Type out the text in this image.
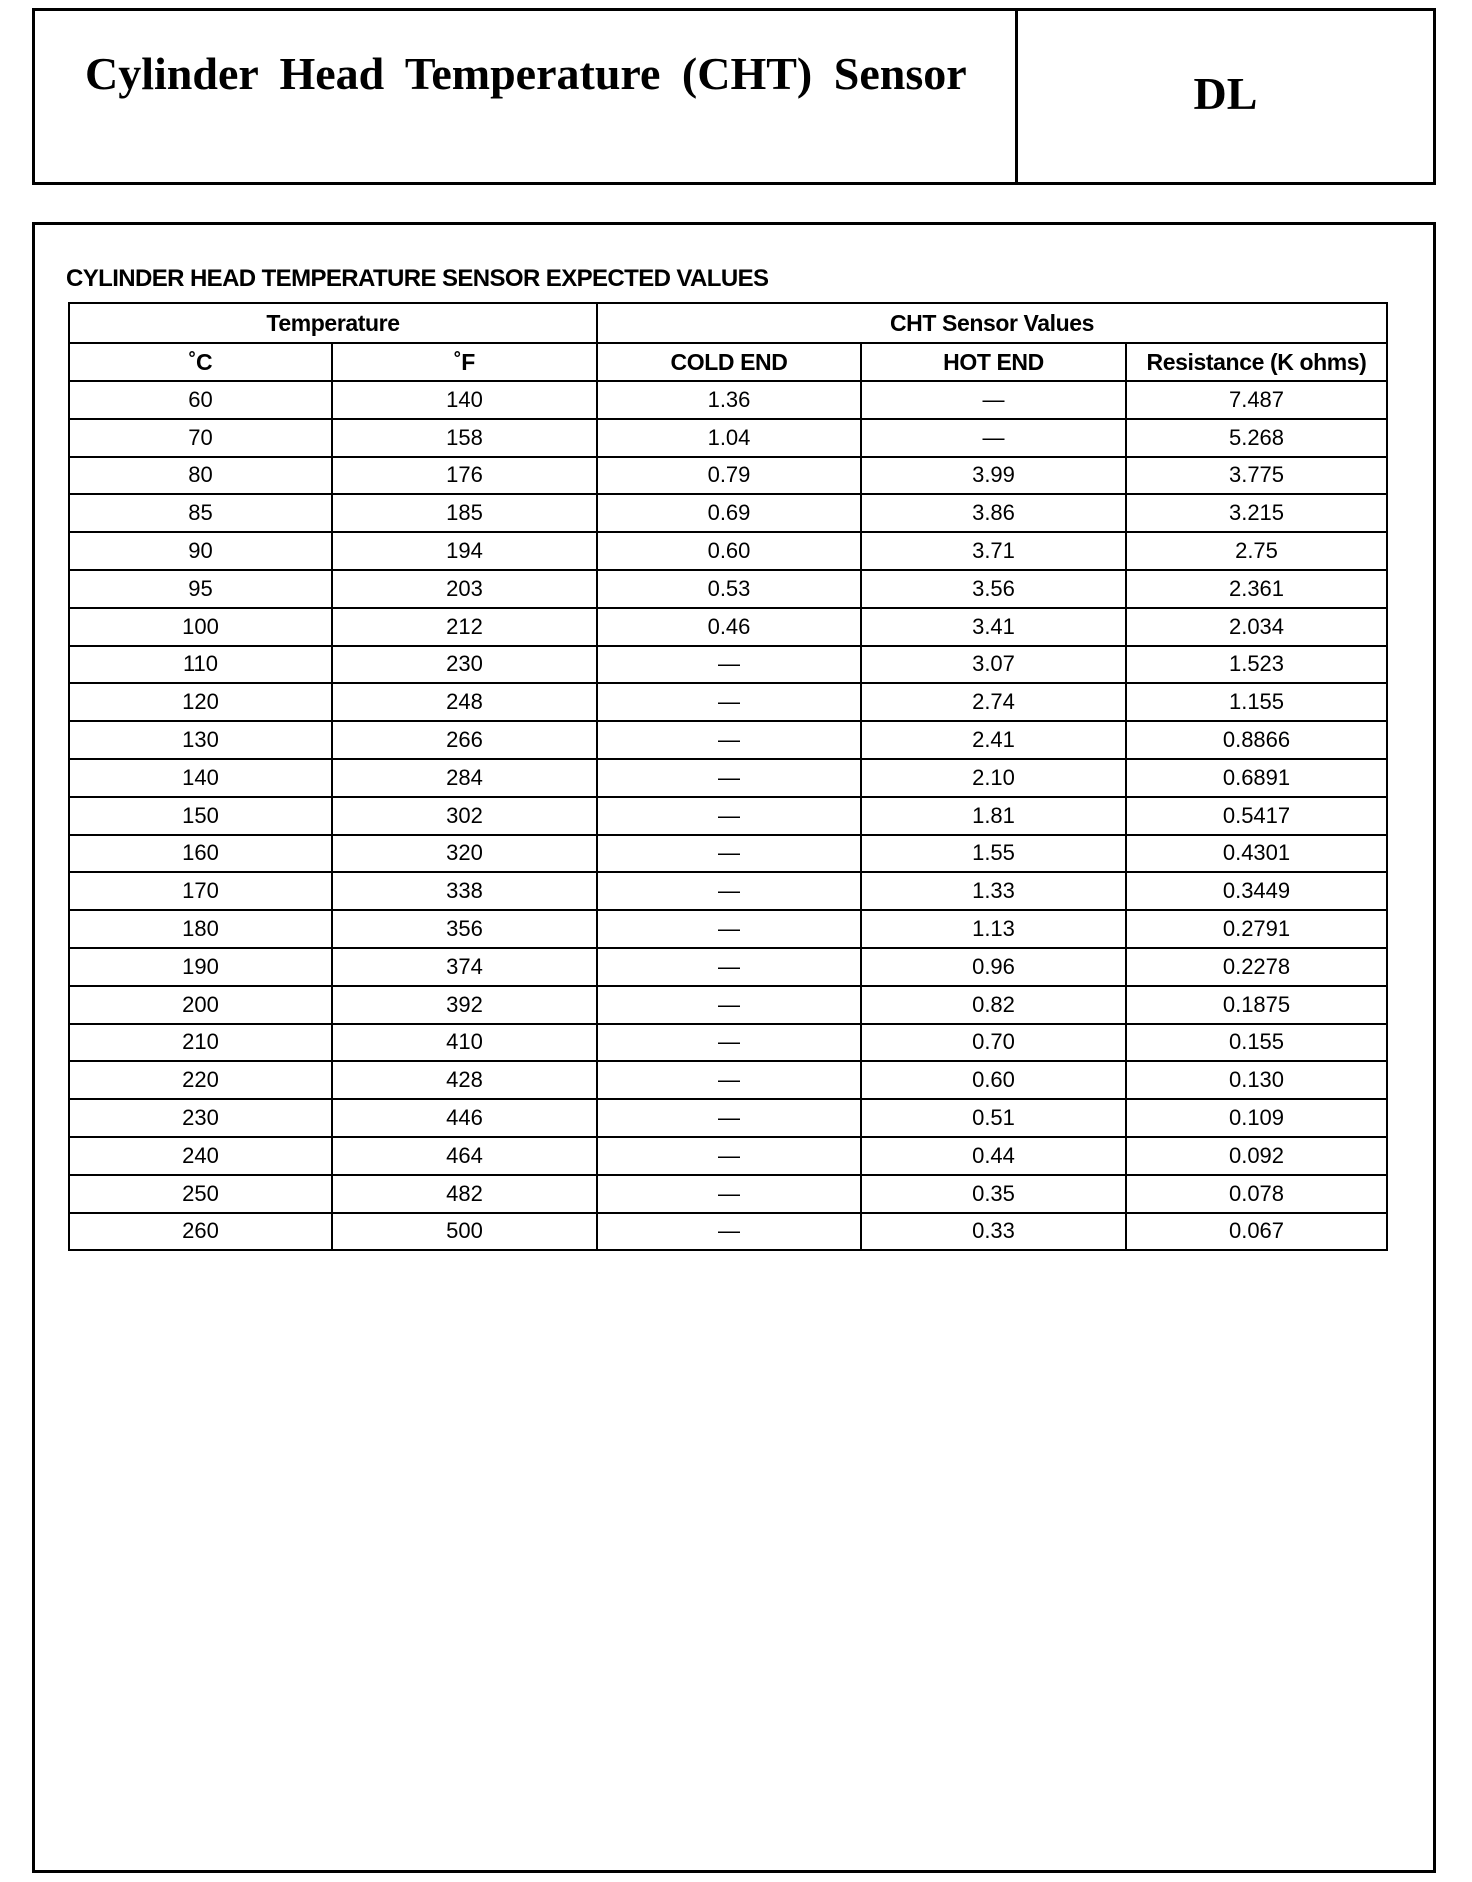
Cylinder Head Temperature (CHT) Sensor	DL
CYLINDER HEAD TEMPERATURE SENSOR EXPECTED VALUES
Temperature		CHT Sensor Values		
˚C	˚F	COLD END	HOT END	Resistance (K ohms)
60	140	1.36	—	7.487
70	158	1.04	—	5.268
80	176	0.79	3.99	3.775
85	185	0.69	3.86	3.215
90	194	0.60	3.71	2.75
95	203	0.53	3.56	2.361
100	212	0.46	3.41	2.034
110	230	—	3.07	1.523
120	248	—	2.74	1.155
130	266	—	2.41	0.8866
140	284	—	2.10	0.6891
150	302	—	1.81	0.5417
160	320	—	1.55	0.4301
170	338	—	1.33	0.3449
180	356	—	1.13	0.2791
190	374	—	0.96	0.2278
200	392	—	0.82	0.1875
210	410	—	0.70	0.155
220	428	—	0.60	0.130
230	446	—	0.51	0.109
240	464	—	0.44	0.092
250	482	—	0.35	0.078
260	500	—	0.33	0.067
